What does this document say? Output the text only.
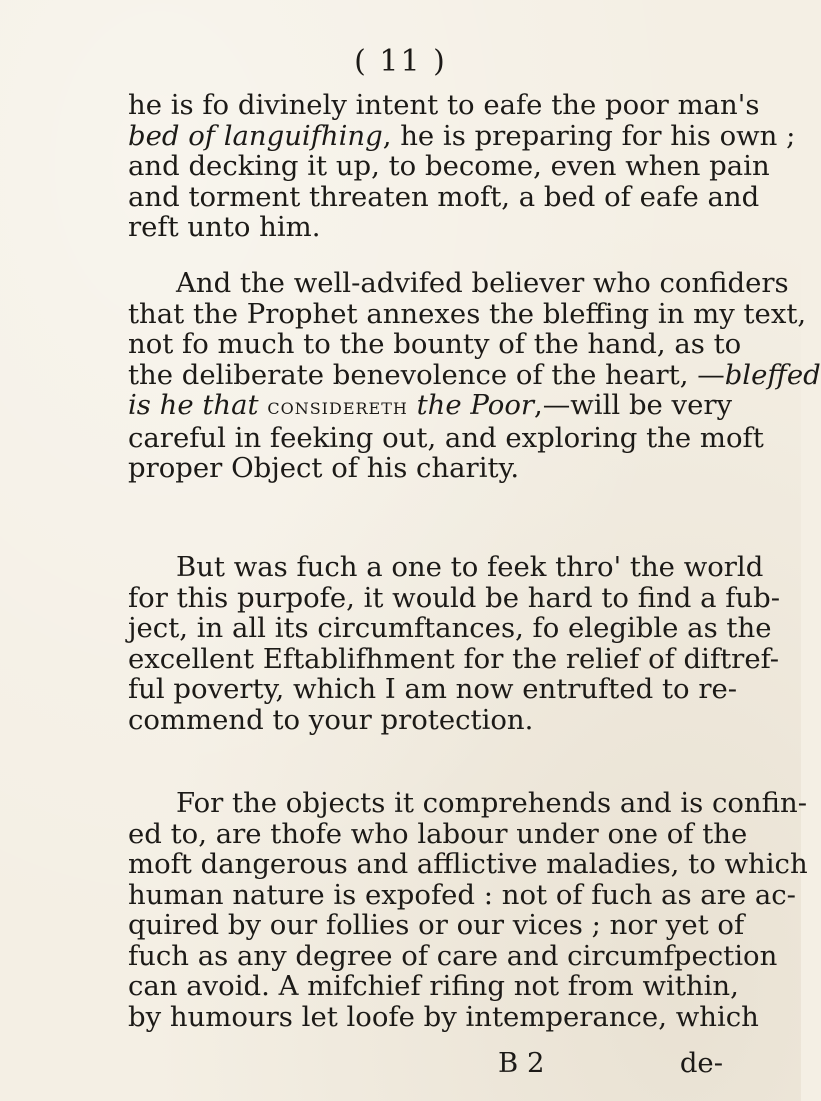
( 11 )
he is fo divinely intent to eafe the poor man's
bed of languifhing, he is preparing for his own ;
and decking it up, to become, even when pain
and torment threaten moft, a bed of eafe and
reft unto him.
And the well-advifed believer who confiders
that the Prophet annexes the bleffing in my text,
not fo much to the bounty of the hand, as to
the deliberate benevolence of the heart, —bleffed
is he that considereth the Poor,—will be very
careful in feeking out, and exploring the moft
proper Object of his charity.
But was fuch a one to feek thro' the world
for this purpofe, it would be hard to find a fub-
ject, in all its circumftances, fo elegible as the
excellent Eftablifhment for the relief of diftref-
ful poverty, which I am now entrufted to re-
commend to your protection.
For the objects it comprehends and is confin-
ed to, are thofe who labour under one of the
moft dangerous and afflictive maladies, to which
human nature is expofed : not of fuch as are ac-
quired by our follies or our vices ; nor yet of
fuch as any degree of care and circumfpection
can avoid. A mifchief rifing not from within,
by humours let loofe by intemperance, which
B 2	de-
